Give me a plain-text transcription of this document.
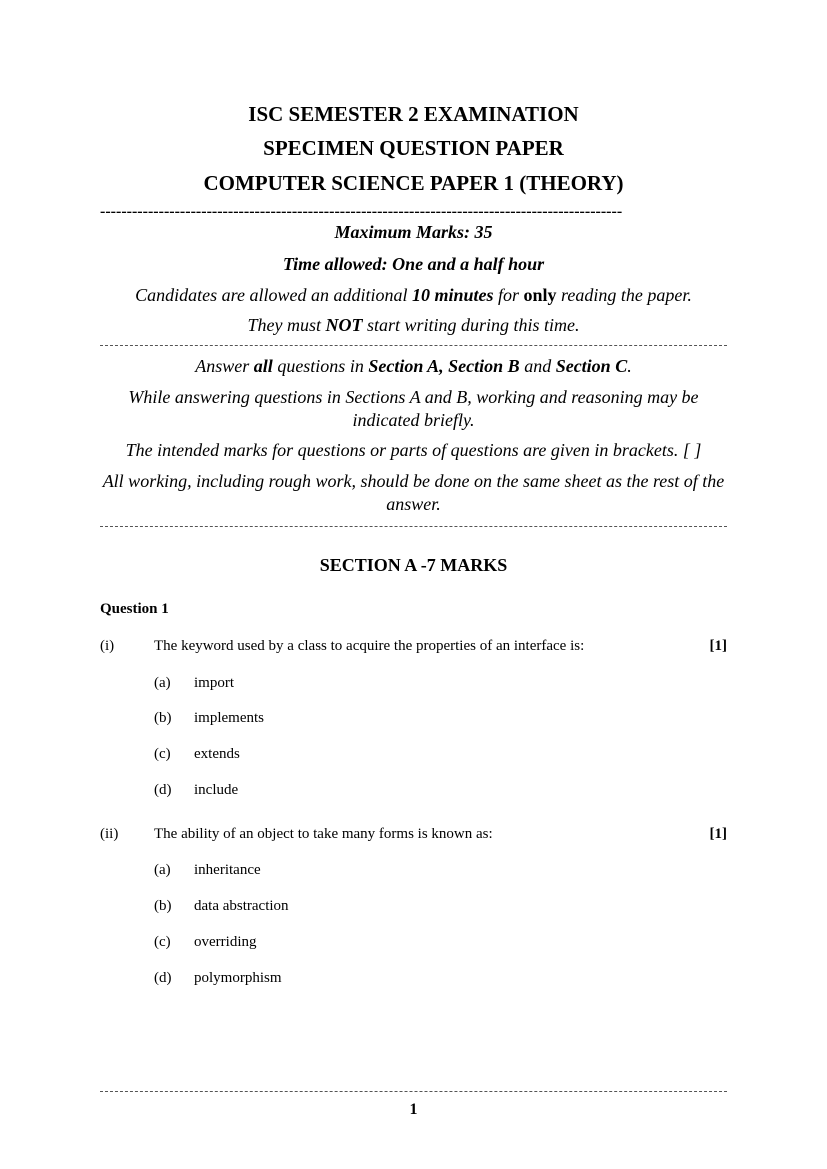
ISC SEMESTER 2 EXAMINATION
SPECIMEN QUESTION PAPER
COMPUTER SCIENCE PAPER 1 (THEORY)
--------------------------------------------------------------------------------------------------
Maximum Marks: 35
Time allowed: One and a half hour
Candidates are allowed an additional 10 minutes for only reading the paper.
They must NOT start writing during this time.
Answer all questions in Section A, Section B and Section C.
While answering questions in Sections A and B, working and reasoning may be indicated briefly.
The intended marks for questions or parts of questions are given in brackets. [ ]
All working, including rough work, should be done on the same sheet as the rest of the answer.
SECTION A -7 MARKS
Question 1
(i)	The keyword used by a class to acquire the properties of an interface is:	[1]
(a) import
(b) implements
(c) extends
(d) include
(ii) The ability of an object to take many forms is known as:	[1]
(a) inheritance
(b) data abstraction
(c) overriding
(d) polymorphism
1
